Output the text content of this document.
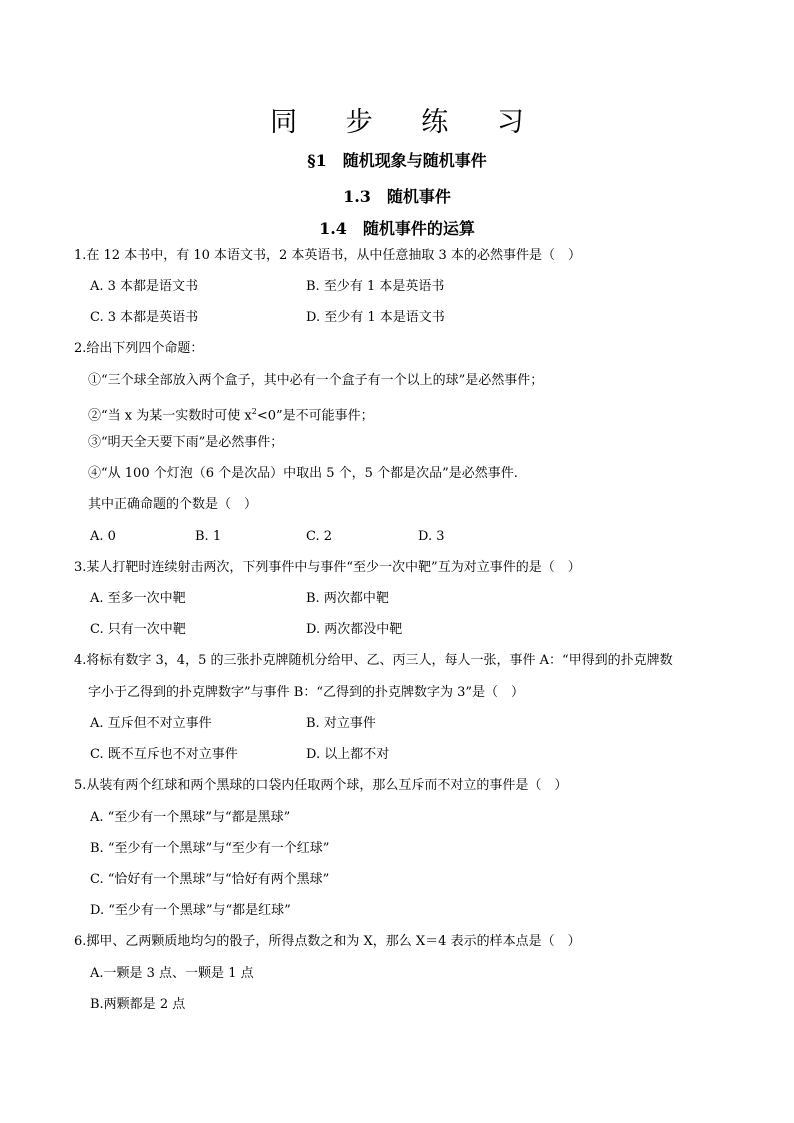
同 步 练 习
§1　随机现象与随机事件
1.3　随机事件
1.4　随机事件的运算
1.在 12 本书中，有 10 本语文书，2 本英语书，从中任意抽取 3 本的必然事件是（　）
A. 3 本都是语文书	B. 至少有 1 本是英语书
C. 3 本都是英语书	D. 至少有 1 本是语文书
2.给出下列四个命题：
①“三个球全部放入两个盒子，其中必有一个盒子有一个以上的球”是必然事件；
②“当 x 为某一实数时可使 $x^2<0$”是不可能事件；
③“明天全天要下雨”是必然事件；
④“从 100 个灯泡（6 个是次品）中取出 5 个，5 个都是次品”是必然事件.
其中正确命题的个数是（　）
A. 0	B. 1	C. 2	D. 3
3.某人打靶时连续射击两次，下列事件中与事件“至少一次中靶”互为对立事件的是（　）
A. 至多一次中靶	B. 两次都中靶
C. 只有一次中靶	D. 两次都没中靶
4.将标有数字 3，4，5 的三张扑克牌随机分给甲、乙、丙三人，每人一张，事件 A：“甲得到的扑克牌数
字小于乙得到的扑克牌数字”与事件 B：“乙得到的扑克牌数字为 3”是（　）
A. 互斥但不对立事件	B. 对立事件
C. 既不互斥也不对立事件	D. 以上都不对
5.从装有两个红球和两个黑球的口袋内任取两个球，那么互斥而不对立的事件是（　）
A. “至少有一个黑球”与“都是黑球”
B. “至少有一个黑球”与“至少有一个红球”
C. “恰好有一个黑球”与“恰好有两个黑球”
D. “至少有一个黑球”与“都是红球”
6.掷甲、乙两颗质地均匀的骰子，所得点数之和为 X，那么 X＝4 表示的样本点是（　）
A.一颗是 3 点、一颗是 1 点
B.两颗都是 2 点
